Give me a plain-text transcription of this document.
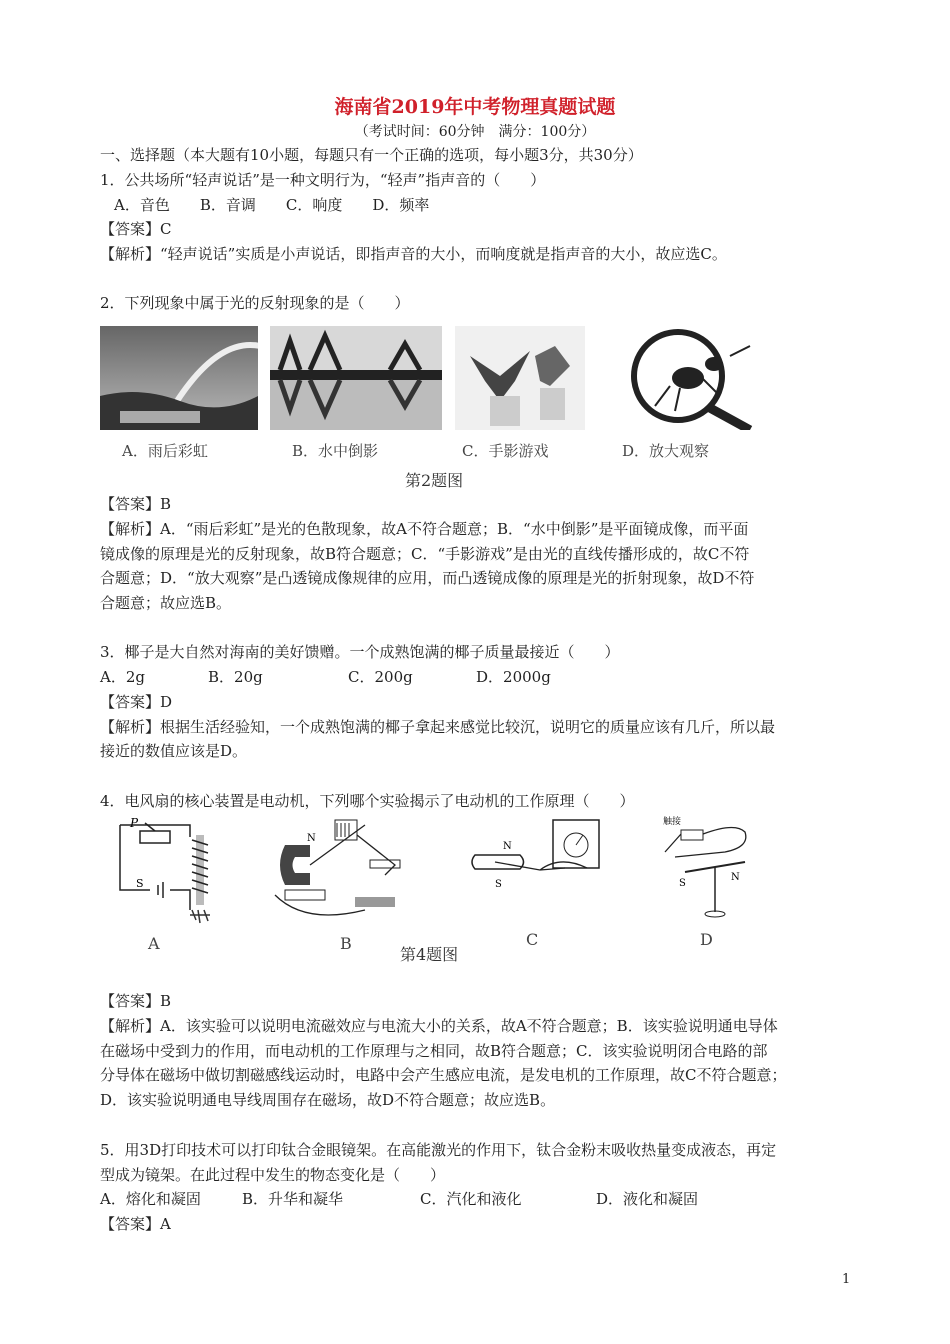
海南省2019年中考物理真题试题
（考试时间：60分钟　满分：100分）
一、选择题（本大题有10小题，每题只有一个正确的选项，每小题3分，共30分）
1．公共场所“轻声说话”是一种文明行为，“轻声”指声音的（　　）
A．音色　　B．音调　　C．响度　　D．频率
【答案】C
【解析】“轻声说话”实质是小声说话，即指声音的大小，而响度就是指声音的大小，故应选C。
2．下列现象中属于光的反射现象的是（　　）
A．雨后彩虹	B．水中倒影	C．手影游戏	D．放大观察
第2题图
【答案】B
【解析】A．“雨后彩虹”是光的色散现象，故A不符合题意；B．“水中倒影”是平面镜成像，而平面
镜成像的原理是光的反射现象，故B符合题意；C．“手影游戏”是由光的直线传播形成的，故C不符
合题意；D．“放大观察”是凸透镜成像规律的应用，而凸透镜成像的原理是光的折射现象，故D不符
合题意；故应选B。
3．椰子是大自然对海南的美好馈赠。一个成熟饱满的椰子质量最接近（　　）
A．2g	B．20g	C．200g	D．2000g
【答案】D
【解析】根据生活经验知，一个成熟饱满的椰子拿起来感觉比较沉，说明它的质量应该有几斤，所以最
接近的数值应该是D。
4．电风扇的核心装置是电动机，下列哪个实验揭示了电动机的工作原理（　　）
P
S
N
N
S
触接
S
N
A	B	C	D
第4题图
【答案】B
【解析】A．该实验可以说明电流磁效应与电流大小的关系，故A不符合题意；B．该实验说明通电导体
在磁场中受到力的作用，而电动机的工作原理与之相同，故B符合题意；C．该实验说明闭合电路的部
分导体在磁场中做切割磁感线运动时，电路中会产生感应电流，是发电机的工作原理，故C不符合题意；
D．该实验说明通电导线周围存在磁场，故D不符合题意；故应选B。
5．用3D打印技术可以打印钛合金眼镜架。在高能激光的作用下，钛合金粉末吸收热量变成液态，再定
型成为镜架。在此过程中发生的物态变化是（　　）
A．熔化和凝固	B．升华和凝华	C．汽化和液化	D．液化和凝固
【答案】A
1
